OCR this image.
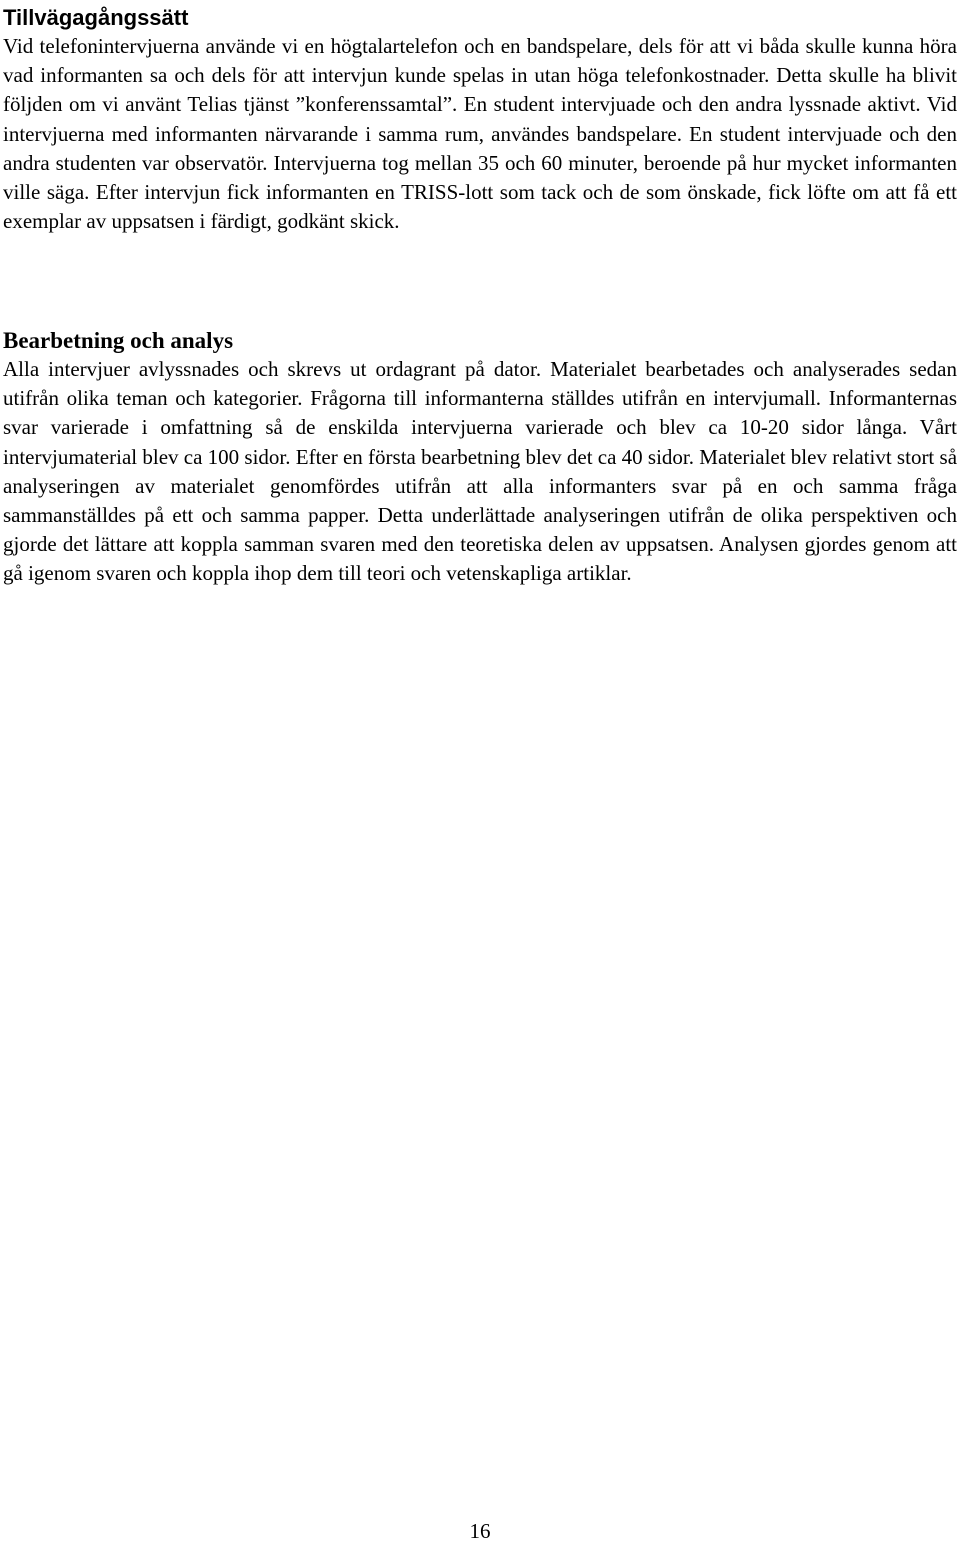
Tillvägagångssätt

Vid telefonintervjuerna använde vi en högtalartelefon och en bandspelare, dels för att vi båda skulle kunna höra vad informanten sa och dels för att intervjun kunde spelas in utan höga telefonkostnader. Detta skulle ha blivit följden om vi använt Telias tjänst ”konferenssamtal”. En student intervjuade och den andra lyssnade aktivt. Vid intervjuerna med informanten närvarande i samma rum, användes bandspelare. En student intervjuade och den andra studenten var observatör. Intervjuerna tog mellan 35 och 60 minuter, beroende på hur mycket informanten ville säga. Efter intervjun fick informanten en TRISS-lott som tack och de som önskade, fick löfte om att få ett exemplar av uppsatsen i färdigt, godkänt skick.

Bearbetning och analys

Alla intervjuer avlyssnades och skrevs ut ordagrant på dator. Materialet bearbetades och analyserades sedan utifrån olika teman och kategorier. Frågorna till informanterna ställdes utifrån en intervjumall. Informanternas svar varierade i omfattning så de enskilda intervjuerna varierade och blev ca 10-20 sidor långa. Vårt intervjumaterial blev ca 100 sidor. Efter en första bearbetning blev det ca 40 sidor. Materialet blev relativt stort så analyseringen av materialet genomfördes utifrån att alla informanters svar på en och samma fråga sammanställdes på ett och samma papper. Detta underlättade analyseringen utifrån de olika perspektiven och gjorde det lättare att koppla samman svaren med den teoretiska delen av uppsatsen. Analysen gjordes genom att gå igenom svaren och koppla ihop dem till teori och vetenskapliga artiklar.

16
